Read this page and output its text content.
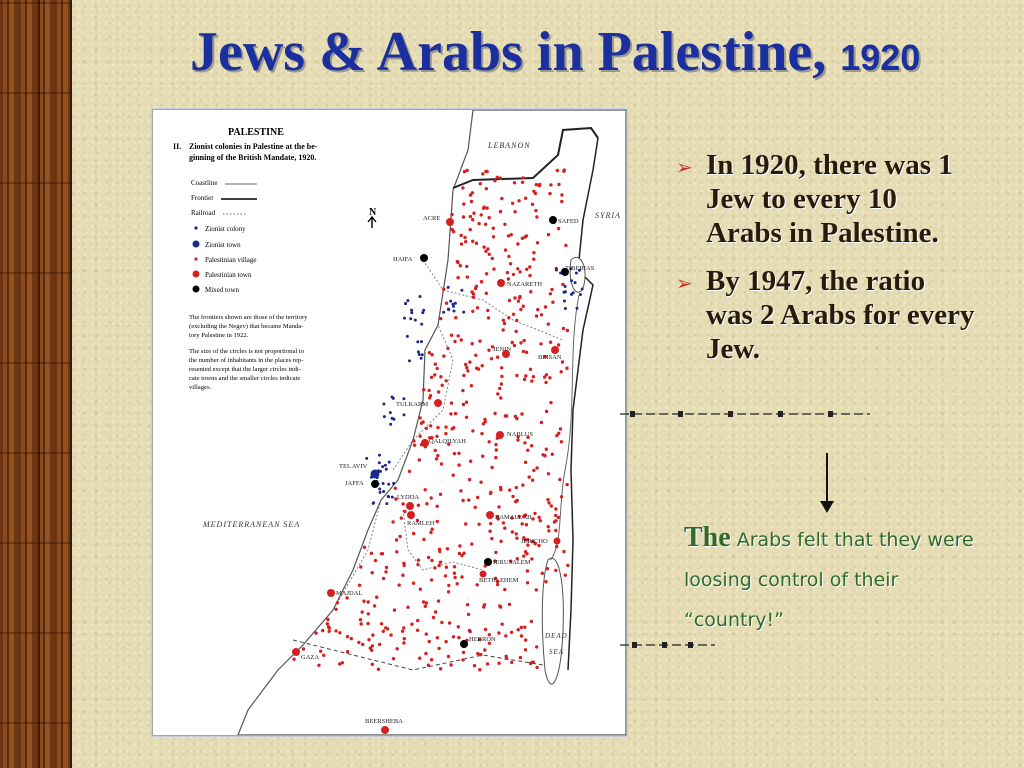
Jews & Arabs in Palestine, 1920
PALESTINE
II. Zionist colonies in Palestine at the be-
ginning of the British Mandate, 1920.
Coastline
Frontier
Railroad
Zionist colony
Zionist town
Palestinian village
Palestinian town
Mixed town
The frontiers shown are those of the territory
(excluding the Negev) that became Manda-
tory Palestine in 1922.
The size of the circles is not proportional to
the number of inhabitants in the places rep-
resented except that the larger circles indi-
cate towns and the smaller circles indicate
villages.
N
LEBANON
SYRIA
MEDITERRANEAN SEA
DEAD
SEA
ACRE	SAFED
HAIFA
TIBERIAS
NAZARETH
JENIN
BEISAN
TULKARM
NABLUS
QALQILYAH
TEL AVIV
JAFFA
LYDDA
RAMLEH
RAMALLAH
JERICHO
JERUSALEM
BETHLEHEM
MAJDAL
HEBRON
GAZA
BEERSHEBA
➢ In 1920, there was 1 Jew to every 10 Arabs in Palestine.
➢ By 1947, the ratio was 2 Arabs for every Jew.
The Arabs felt that they were loosing control of their “country!”
